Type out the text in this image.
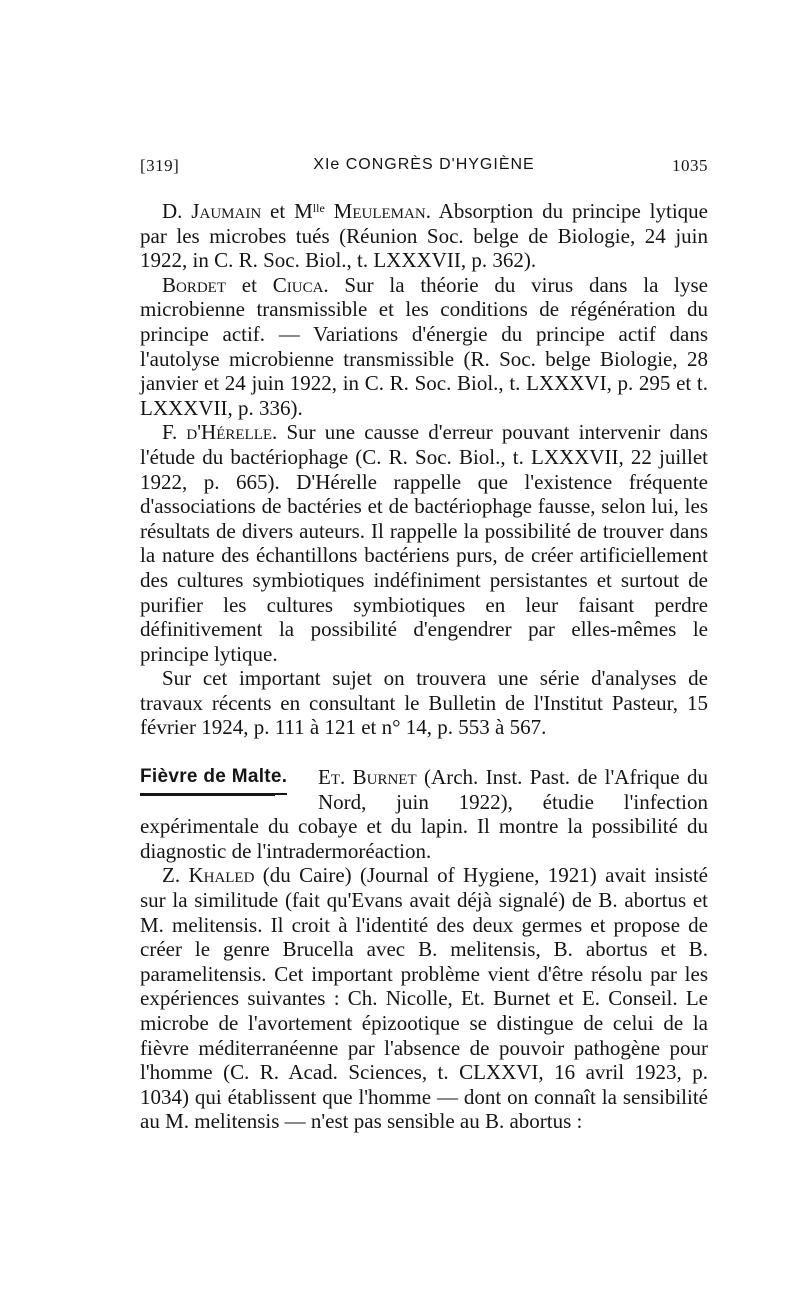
[319]	XIe CONGRÈS D'HYGIÈNE	1035

D. Jaumain et $M^{lle}$ Meuleman. Absorption du principe lytique par les microbes tués (Réunion Soc. belge de Biologie, 24 juin 1922, in C. R. Soc. Biol., t. LXXXVII, p. 362).

Bordet et Ciuca. Sur la théorie du virus dans la lyse microbienne transmissible et les conditions de régénération du principe actif. — Variations d'énergie du principe actif dans l'autolyse microbienne transmissible (R. Soc. belge Biologie, 28 janvier et 24 juin 1922, in C. R. Soc. Biol., t. LXXXVI, p. 295 et t. LXXXVII, p. 336).

F. d'Hérelle. Sur une causse d'erreur pouvant intervenir dans l'étude du bactériophage (C. R. Soc. Biol., t. LXXXVII, 22 juillet 1922, p. 665). D'Hérelle rappelle que l'existence fréquente d'associations de bactéries et de bactériophage fausse, selon lui, les résultats de divers auteurs. Il rappelle la possibilité de trouver dans la nature des échantillons bactériens purs, de créer artificiellement des cultures symbiotiques indéfiniment persistantes et surtout de purifier les cultures symbiotiques en leur faisant perdre définitivement la possibilité d'engendrer par elles-mêmes le principe lytique.

Sur cet important sujet on trouvera une série d'analyses de travaux récents en consultant le Bulletin de l'Institut Pasteur, 15 février 1924, p. 111 à 121 et n° 14, p. 553 à 567.

Fièvre de Malte.	Et. Burnet (Arch. Inst. Past. de l'Afrique du Nord, juin 1922), étudie l'infection expérimentale du cobaye et du lapin. Il montre la possibilité du diagnostic de l'intradermoréaction.

Z. Khaled (du Caire) (Journal of Hygiene, 1921) avait insisté sur la similitude (fait qu'Evans avait déjà signalé) de B. abortus et M. melitensis. Il croit à l'identité des deux germes et propose de créer le genre Brucella avec B. melitensis, B. abortus et B. paramelitensis. Cet important problème vient d'être résolu par les expériences suivantes : Ch. Nicolle, Et. Burnet et E. Conseil. Le microbe de l'avortement épizootique se distingue de celui de la fièvre méditerranéenne par l'absence de pouvoir pathogène pour l'homme (C. R. Acad. Sciences, t. CLXXVI, 16 avril 1923, p. 1034) qui établissent que l'homme — dont on connaît la sensibilité au M. melitensis — n'est pas sensible au B. abortus :
